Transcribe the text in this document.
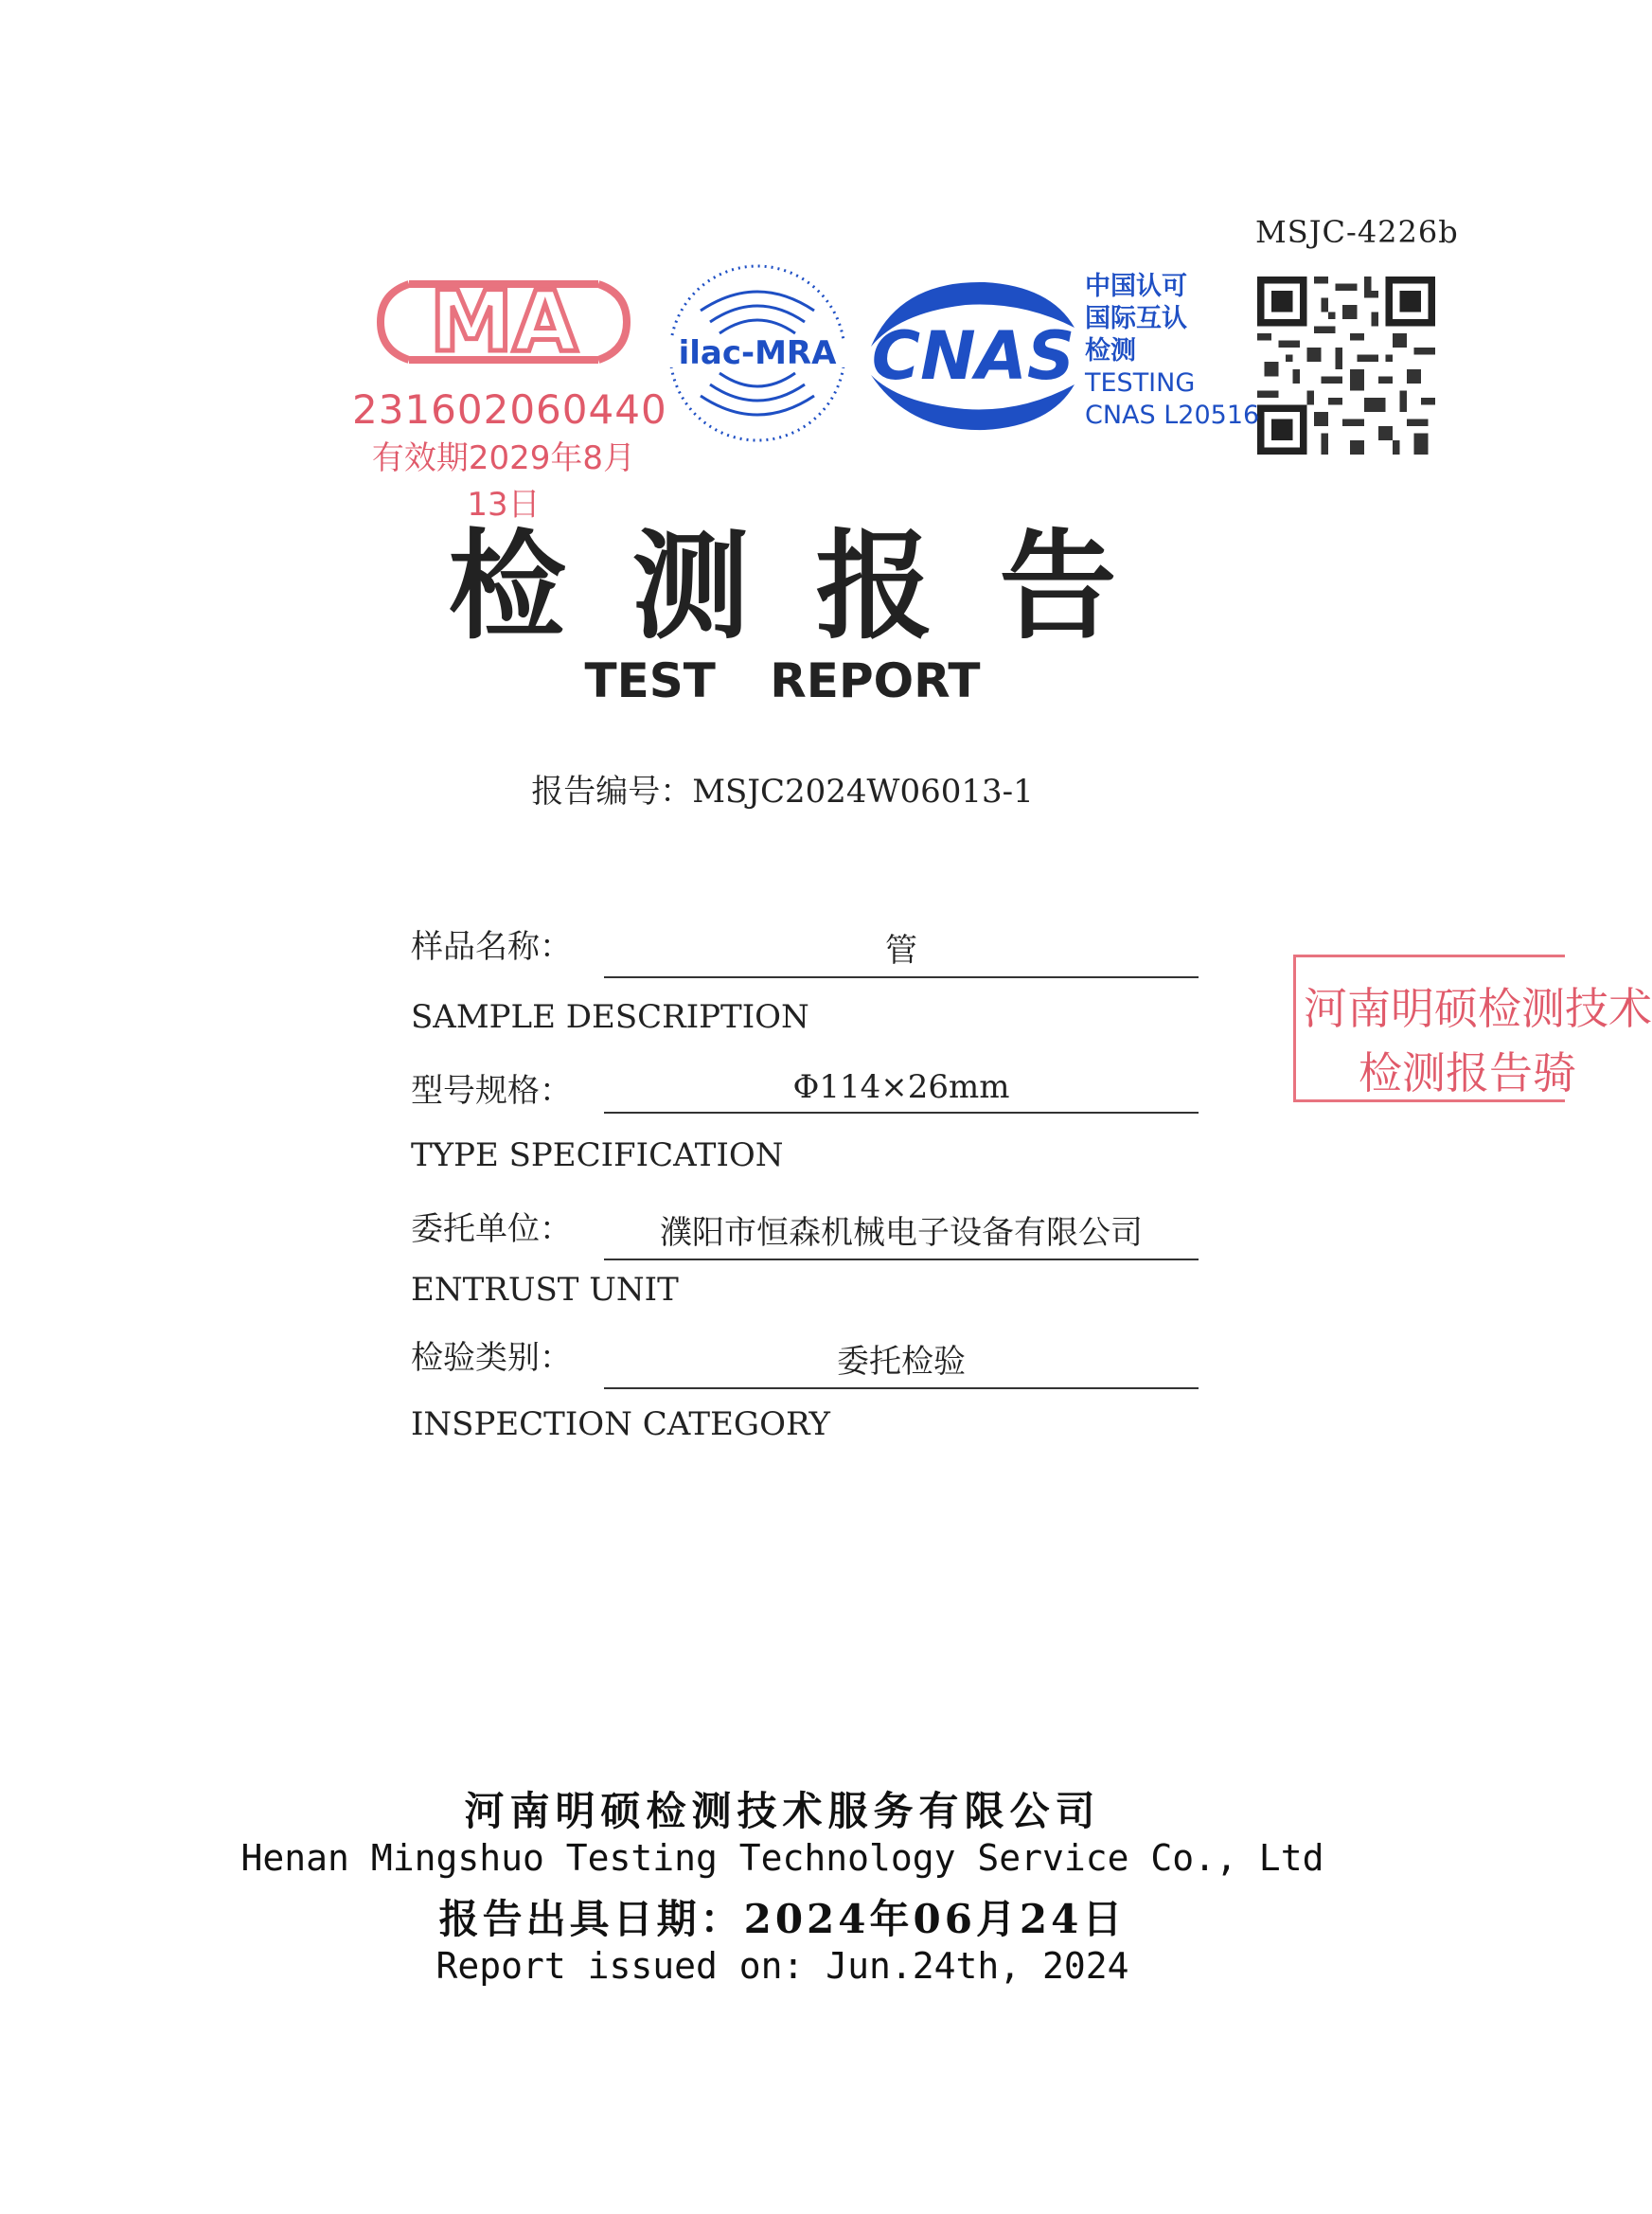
MSJC-4226b
MA
231602060440
有效期2029年8月13日
ilac-MRA CNAS
中国认可
国际互认
检测
TESTING
CNAS L20516
检测报告
TEST REPORT
报告编号：MSJC2024W06013-1
样品名称：	管
SAMPLE DESCRIPTION
型号规格：	Φ114×26mm
TYPE SPECIFICATION
委托单位：	濮阳市恒森机械电子设备有限公司
ENTRUST UNIT
检验类别：	委托检验
INSPECTION CATEGORY
河南明硕检测技术
检测报告骑
河南明硕检测技术服务有限公司
Henan Mingshuo Testing Technology Service Co., Ltd
报告出具日期：2024年06月24日
Report issued on: Jun.24th, 2024
